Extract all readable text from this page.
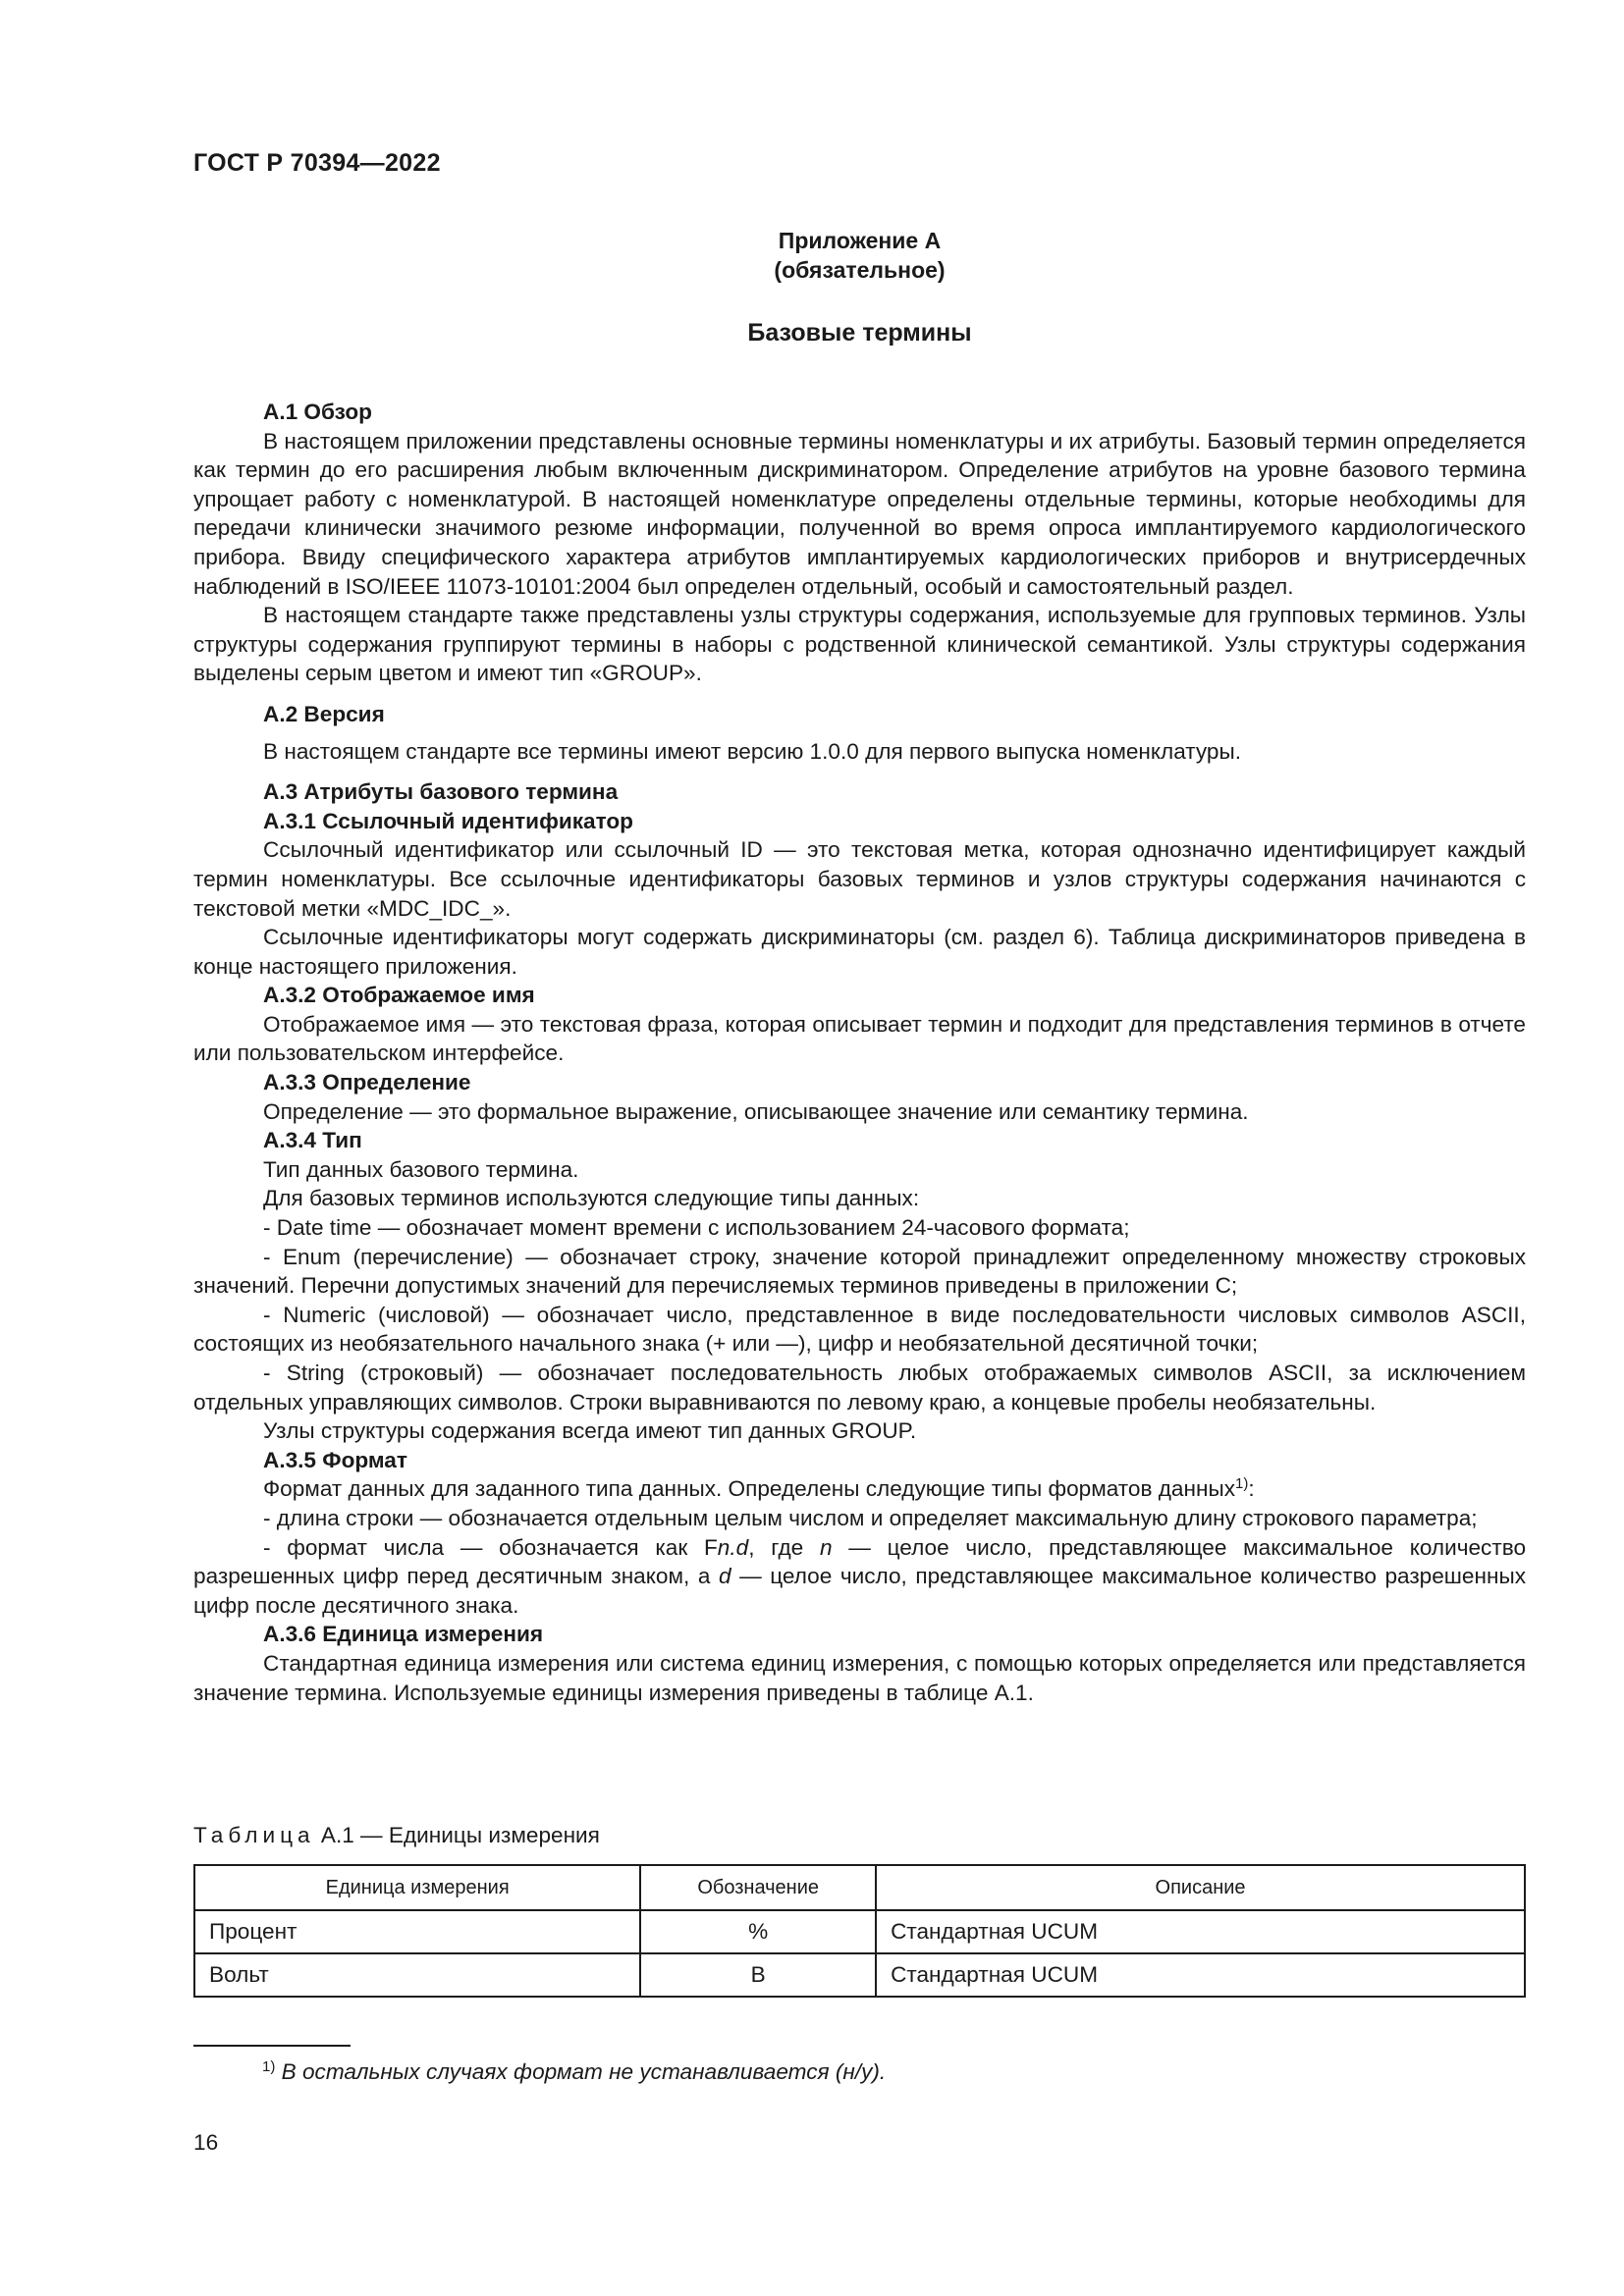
ГОСТ Р 70394—2022
Приложение А
(обязательное)
Базовые термины
А.1 Обзор

В настоящем приложении представлены основные термины номенклатуры и их атрибуты. Базовый термин определяется как термин до его расширения любым включенным дискриминатором. Определение атрибутов на уровне базового термина упрощает работу с номенклатурой. В настоящей номенклатуре определены отдельные термины, которые необходимы для передачи клинически значимого резюме информации, полученной во время опроса имплантируемого кардиологического прибора. Ввиду специфического характера атрибутов имплантируемых кардиологических приборов и внутрисердечных наблюдений в ISO/IEEE 11073-10101:2004 был определен отдельный, особый и самостоятельный раздел.

В настоящем стандарте также представлены узлы структуры содержания, используемые для групповых терминов. Узлы структуры содержания группируют термины в наборы с родственной клинической семантикой. Узлы структуры содержания выделены серым цветом и имеют тип «GROUP».

А.2 Версия

В настоящем стандарте все термины имеют версию 1.0.0 для первого выпуска номенклатуры.

А.3 Атрибуты базового термина
А.3.1 Ссылочный идентификатор

Ссылочный идентификатор или ссылочный ID — это текстовая метка, которая однозначно идентифицирует каждый термин номенклатуры. Все ссылочные идентификаторы базовых терминов и узлов структуры содержания начинаются с текстовой метки «MDC_IDC_».

Ссылочные идентификаторы могут содержать дискриминаторы (см. раздел 6). Таблица дискриминаторов приведена в конце настоящего приложения.

А.3.2 Отображаемое имя

Отображаемое имя — это текстовая фраза, которая описывает термин и подходит для представления терминов в отчете или пользовательском интерфейсе.

А.3.3 Определение

Определение — это формальное выражение, описывающее значение или семантику термина.

А.3.4 Тип

Тип данных базового термина.

Для базовых терминов используются следующие типы данных:

- Date time — обозначает момент времени с использованием 24-часового формата;

- Enum (перечисление) — обозначает строку, значение которой принадлежит определенному множеству строковых значений. Перечни допустимых значений для перечисляемых терминов приведены в приложении С;

- Numeric (числовой) — обозначает число, представленное в виде последовательности числовых символов ASCII, состоящих из необязательного начального знака (+ или —), цифр и необязательной десятичной точки;

- String (строковый) — обозначает последовательность любых отображаемых символов ASCII, за исключением отдельных управляющих символов. Строки выравниваются по левому краю, а концевые пробелы необязательны.

Узлы структуры содержания всегда имеют тип данных GROUP.

А.3.5 Формат

Формат данных для заданного типа данных. Определены следующие типы форматов данных$^{1)}$:

- длина строки — обозначается отдельным целым числом и определяет максимальную длину строкового параметра;

- формат числа — обозначается как Fn.d, где n — целое число, представляющее максимальное количество разрешенных цифр перед десятичным знаком, а d — целое число, представляющее максимальное количество разрешенных цифр после десятичного знака.

А.3.6 Единица измерения

Стандартная единица измерения или система единиц измерения, с помощью которых определяется или представляется значение термина. Используемые единицы измерения приведены в таблице А.1.

Таблица А.1 — Единицы измерения
Единица измерения	Обозначение	Описание
Процент	%	Стандартная UCUM
Вольт	В	Стандартная UCUM
$^{1)}$ В остальных случаях формат не устанавливается (н/у).
16
